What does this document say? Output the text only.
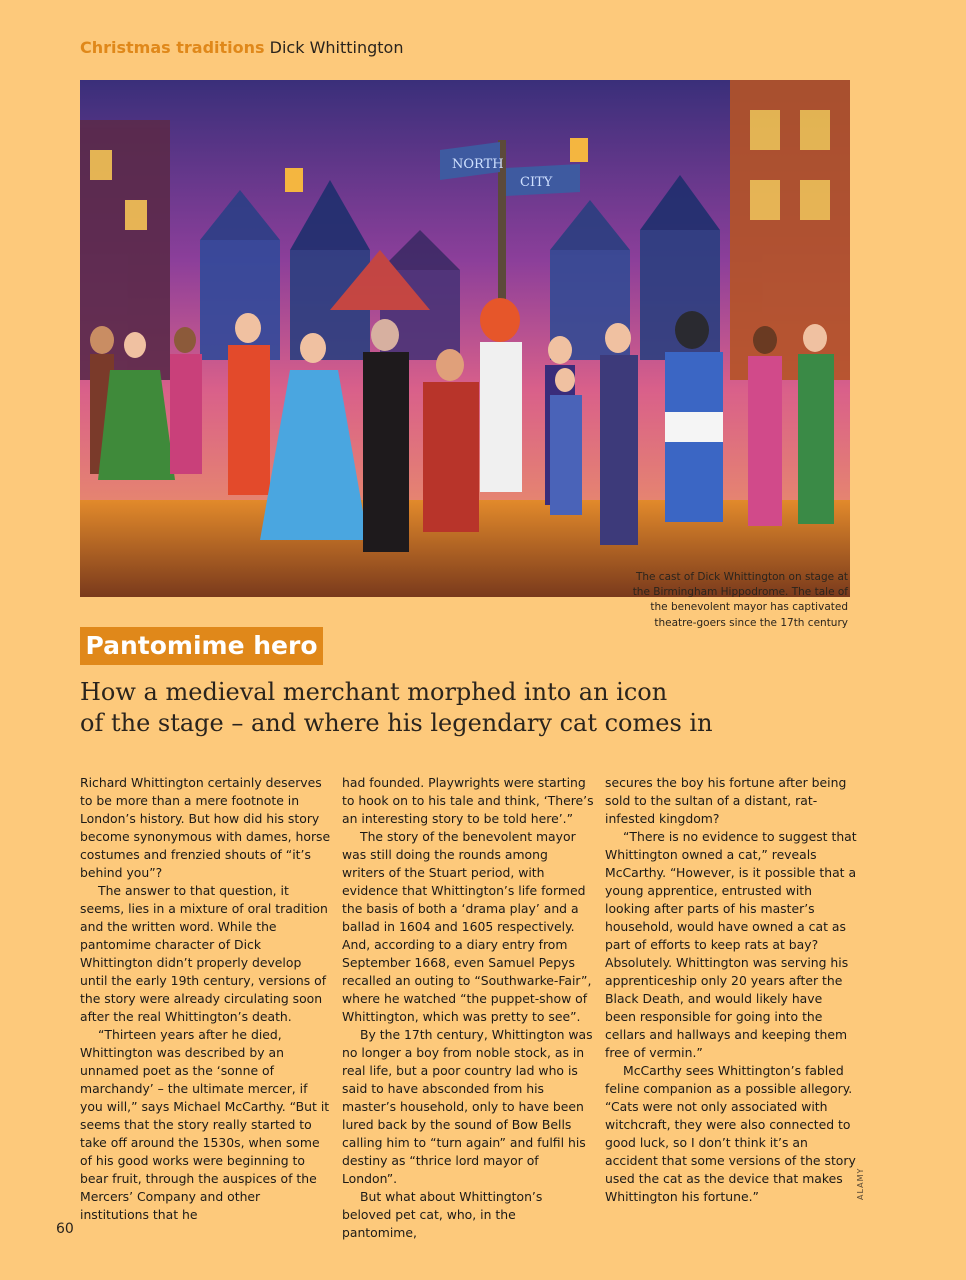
Christmas traditions Dick Whittington
NORTH
CITY
The cast of Dick Whittington on stage at the Birmingham Hippodrome. The tale of the benevolent mayor has captivated theatre-goers since the 17th century
Pantomime hero
How a medieval merchant morphed into an icon
of the stage – and where his legendary cat comes in

Richard Whittington certainly deserves to be more than a mere footnote in London’s history. But how did his story become synonymous with dames, horse costumes and frenzied shouts of “it’s behind you”?

The answer to that question, it seems, lies in a mixture of oral tradition and the written word. While the pantomime character of Dick Whittington didn’t properly develop until the early 19th century, versions of the story were already circulating soon after the real Whittington’s death.

“Thirteen years after he died, Whittington was described by an unnamed poet as the ‘sonne of marchandy’ – the ultimate mercer, if you will,” says Michael McCarthy. “But it seems that the story really started to take off around the 1530s, when some of his good works were beginning to bear fruit, through the auspices of the Mercers’ Company and other institutions that he

had founded. Playwrights were starting to hook on to his tale and think, ‘There’s an interesting story to be told here’.”

The story of the benevolent mayor was still doing the rounds among writers of the Stuart period, with evidence that Whittington’s life formed the basis of both a ‘drama play’ and a ballad in 1604 and 1605 respectively. And, according to a diary entry from September 1668, even Samuel Pepys recalled an outing to “Southwarke-Fair”, where he watched “the puppet-show of Whittington, which was pretty to see”.

By the 17th century, Whittington was no longer a boy from noble stock, as in real life, but a poor country lad who is said to have absconded from his master’s household, only to have been lured back by the sound of Bow Bells calling him to “turn again” and fulfil his destiny as “thrice lord mayor of London”.

But what about Whittington’s beloved pet cat, who, in the pantomime,

secures the boy his fortune after being sold to the sultan of a distant, rat-infested kingdom?

“There is no evidence to suggest that Whittington owned a cat,” reveals McCarthy. “However, is it possible that a young apprentice, entrusted with looking after parts of his master’s household, would have owned a cat as part of efforts to keep rats at bay? Absolutely. Whittington was serving his apprenticeship only 20 years after the Black Death, and would likely have been responsible for going into the cellars and hallways and keeping them free of vermin.”

McCarthy sees Whittington’s fabled feline companion as a possible allegory. “Cats were not only associated with witchcraft, they were also connected to good luck, so I don’t think it’s an accident that some versions of the story used the cat as the device that makes Whittington his fortune.”	ALAMY
60
